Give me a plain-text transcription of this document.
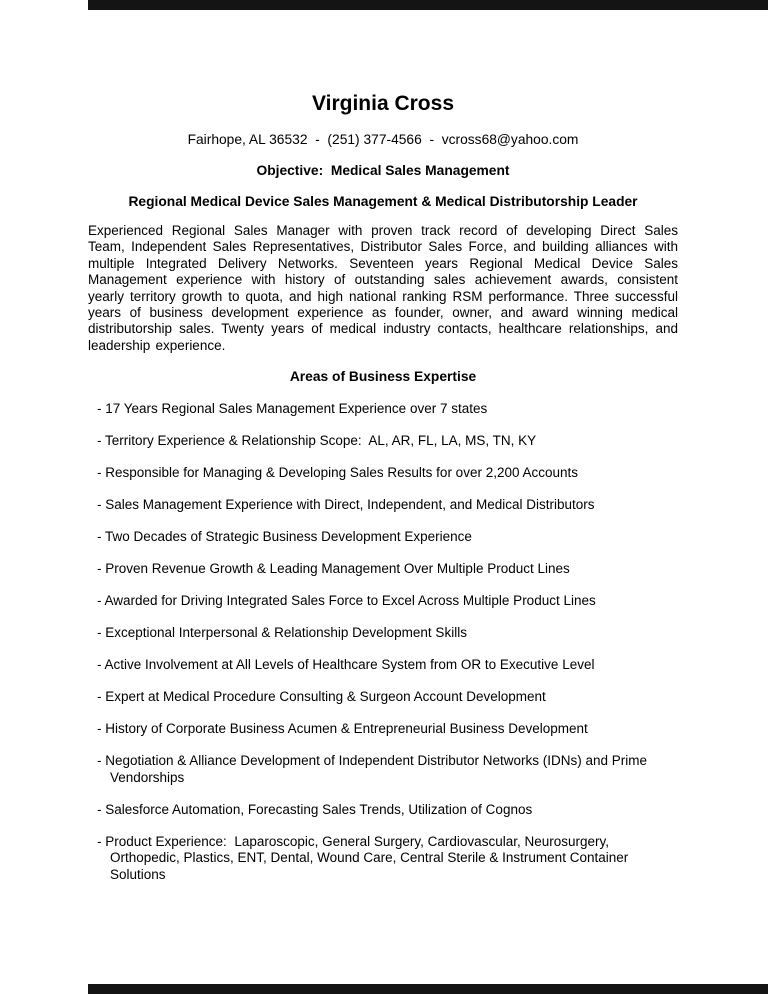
Virginia Cross
Fairhope, AL 36532  -  (251) 377-4566  -  vcross68@yahoo.com
Objective:  Medical Sales Management
Regional Medical Device Sales Management & Medical Distributorship Leader

Experienced Regional Sales Manager with proven track record of developing Direct Sales Team, Independent Sales Representatives, Distributor Sales Force, and building alliances with multiple Integrated Delivery Networks. Seventeen years Regional Medical Device Sales Management experience with history of outstanding sales achievement awards, consistent yearly territory growth to quota, and high national ranking RSM performance. Three successful years of business development experience as founder, owner, and award winning medical distributorship sales. Twenty years of medical industry contacts, healthcare relationships, and leadership experience.

Areas of Business Expertise
- 17 Years Regional Sales Management Experience over 7 states
- Territory Experience & Relationship Scope:  AL, AR, FL, LA, MS, TN, KY
- Responsible for Managing & Developing Sales Results for over 2,200 Accounts
- Sales Management Experience with Direct, Independent, and Medical Distributors
- Two Decades of Strategic Business Development Experience
- Proven Revenue Growth & Leading Management Over Multiple Product Lines
- Awarded for Driving Integrated Sales Force to Excel Across Multiple Product Lines
- Exceptional Interpersonal & Relationship Development Skills
- Active Involvement at All Levels of Healthcare System from OR to Executive Level
- Expert at Medical Procedure Consulting & Surgeon Account Development
- History of Corporate Business Acumen & Entrepreneurial Business Development
- Negotiation & Alliance Development of Independent Distributor Networks (IDNs) and Prime Vendorships
- Salesforce Automation, Forecasting Sales Trends, Utilization of Cognos
- Product Experience:  Laparoscopic, General Surgery, Cardiovascular, Neurosurgery, Orthopedic, Plastics, ENT, Dental, Wound Care, Central Sterile & Instrument Container Solutions
